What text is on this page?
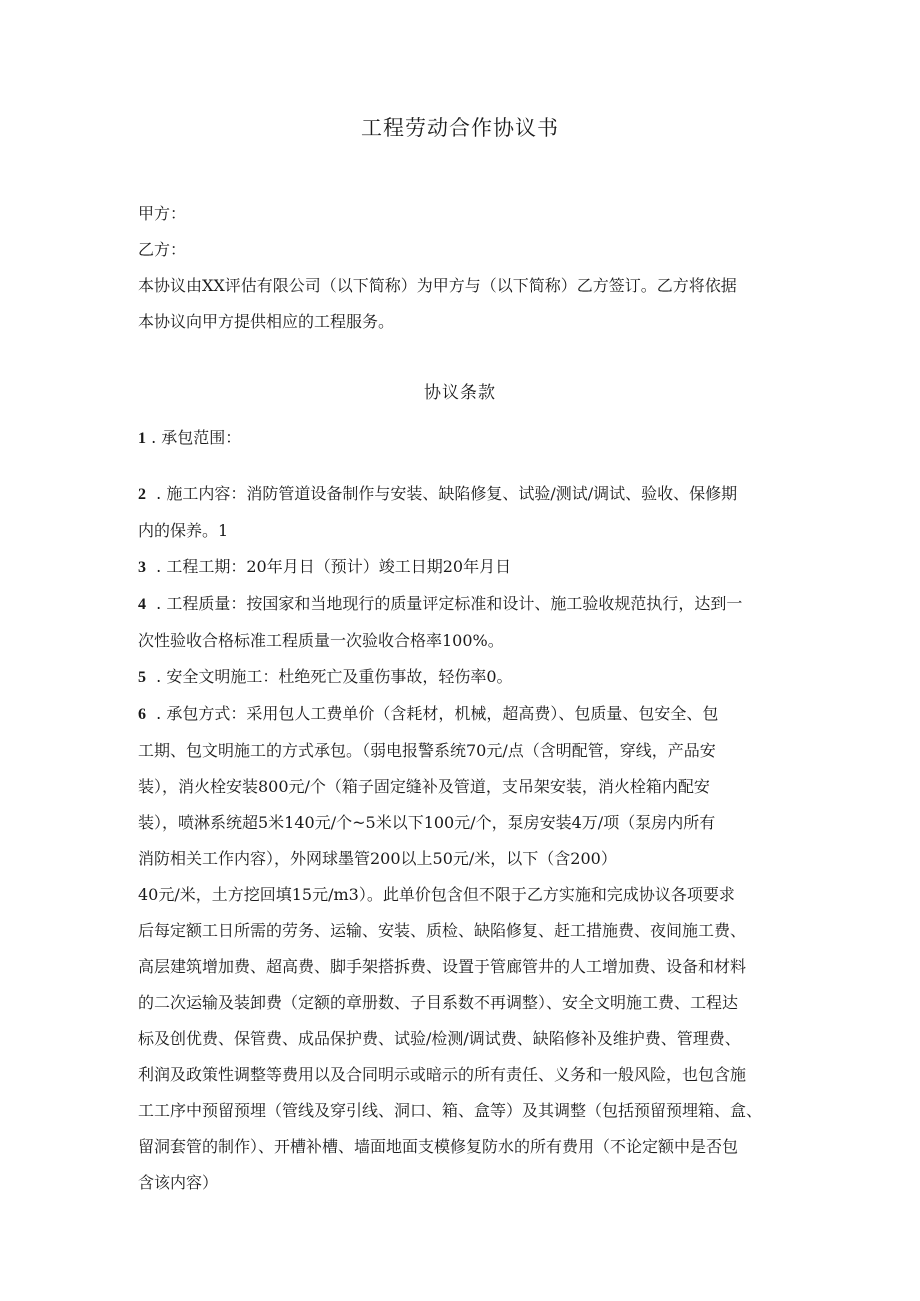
工程劳动合作协议书
甲方：
乙方：

本协议由XX评估有限公司（以下简称）为甲方与（以下简称）乙方签订。乙方将依据

本协议向甲方提供相应的工程服务。

协议条款

1 . 承包范围：

2 . 施工内容：消防管道设备制作与安装、缺陷修复、试验/测试/调试、验收、保修期

内的保养。1

3 . 工程工期：20年月日（预计）竣工日期20年月日

4 . 工程质量：按国家和当地现行的质量评定标准和设计、施工验收规范执行，达到一

次性验收合格标准工程质量一次验收合格率100%。

5 . 安全文明施工：杜绝死亡及重伤事故，轻伤率0。

6 . 承包方式：采用包人工费单价（含耗材，机械，超高费）、包质量、包安全、包

工期、包文明施工的方式承包。（弱电报警系统70元/点（含明配管，穿线，产品安

装），消火栓安装800元/个（箱子固定缝补及管道，支吊架安装，消火栓箱内配安

装），喷淋系统超5米140元/个~5米以下100元/个，泵房安装4万/项（泵房内所有

消防相关工作内容），外网球墨管200以上50元/米，以下（含200）

40元/米，土方挖回填15元/m3）。此单价包含但不限于乙方实施和完成协议各项要求

后每定额工日所需的劳务、运输、安装、质检、缺陷修复、赶工措施费、夜间施工费、

高层建筑增加费、超高费、脚手架搭拆费、设置于管廊管井的人工增加费、设备和材料

的二次运输及装卸费（定额的章册数、子目系数不再调整）、安全文明施工费、工程达

标及创优费、保管费、成品保护费、试验/检测/调试费、缺陷修补及维护费、管理费、

利润及政策性调整等费用以及合同明示或暗示的所有责任、义务和一般风险，也包含施

工工序中预留预埋（管线及穿引线、洞口、箱、盒等）及其调整（包括预留预埋箱、盒、

留洞套管的制作）、开槽补槽、墙面地面支模修复防水的所有费用（不论定额中是否包

含该内容）
